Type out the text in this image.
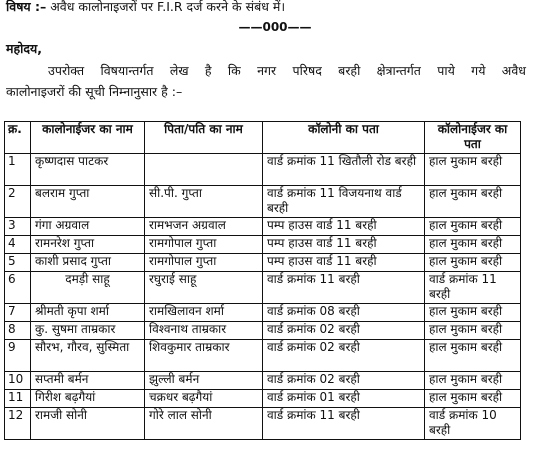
विषय :– अवैध कालोनाइजरों पर F.I.R दर्ज करने के संबंध में।
——000——
महोदय,
उपरोक्त विषयान्तर्गत लेख है कि नगर परिषद बरही क्षेत्रान्तर्गत पाये गये अवैध
कालोनाइजरों की सूची निम्नानुसार है :–
क्र.	कालोनाईजर का नाम	पिता/पति का नाम	कॉलोनी का पता	कॉलोनाईजर का पता
1	कृष्णदास पाटकर		वार्ड क्रमांक 11 खितौली रोड बरही	हाल मुकाम बरही
2	बलराम गुप्ता	सी.पी. गुप्ता	वार्ड क्रमांक 11 विजयनाथ वार्ड बरही	हाल मुकाम बरही
3	गंगा अग्रवाल	रामभजन अग्रवाल	पम्प हाउस वार्ड 11 बरही	हाल मुकाम बरही
4	रामनरेश गुप्ता	रामगोपाल गुप्ता	पम्प हाउस वार्ड 11 बरही	हाल मुकाम बरही
5	काशी प्रसाद गुप्ता	रामगोपाल गुप्ता	पम्प हाउस वार्ड 11 बरही	हाल मुकाम बरही
6	दमड़ी साहू	रघुराई साहू	वार्ड क्रमांक 11 बरही	वार्ड क्रमांक 11 बरही
7	श्रीमती कृपा शर्मा	रामखिलावन शर्मा	वार्ड क्रमांक 08 बरही	हाल मुकाम बरही
8	कु. सुषमा ताम्रकार	विश्वनाथ ताम्रकार	वार्ड क्रमांक 02 बरही	हाल मुकाम बरही
9	सौरभ, गौरव, सुस्मिता	शिवकुमार ताम्रकार	वार्ड क्रमांक 02 बरही	हाल मुकाम बरही
10	सप्तमी बर्मन	झुल्ली बर्मन	वार्ड क्रमांक 02 बरही	हाल मुकाम बरही
11	गिरीश बढ़गैयां	चक्रधर बढ़गैयां	वार्ड क्रमांक 01 बरही	हाल मुकाम बरही
12	रामजी सोनी	गोरे लाल सोनी	वार्ड क्रमांक 11 बरही	वार्ड क्रमांक 10 बरही
